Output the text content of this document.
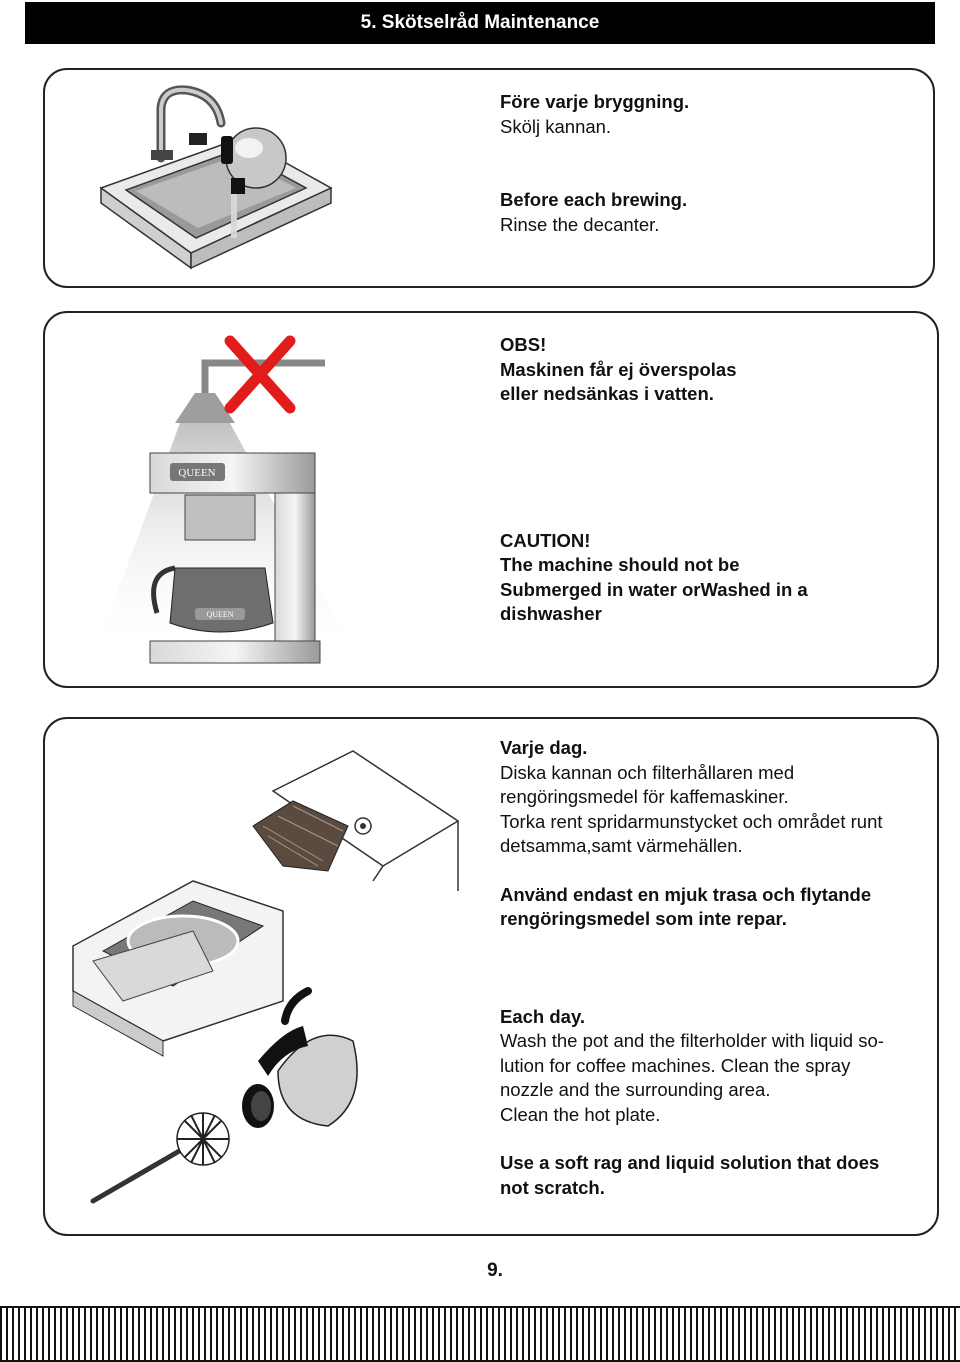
5. Skötselråd Maintenance

Före varje bryggning.

Skölj kannan.

Before each brewing.

Rinse the decanter.

QUEEN
QUEEN

OBS!

Maskinen får ej överspolas

eller nedsänkas i vatten.

CAUTION!

The machine should not be

Submerged in water orWashed in a

dishwasher

Varje dag.

Diska kannan och filterhållaren med

rengöringsmedel för kaffemaskiner.

Torka rent spridarmunstycket och området runt

detsamma,samt värmehällen.

Använd endast en mjuk trasa och flytande

rengöringsmedel som inte repar.

Each day.

Wash the pot and the filterholder with liquid so-

lution for coffee machines. Clean the spray

nozzle and the surrounding area.

Clean the hot plate.

Use a soft rag and liquid solution that does

not scratch.

9.
